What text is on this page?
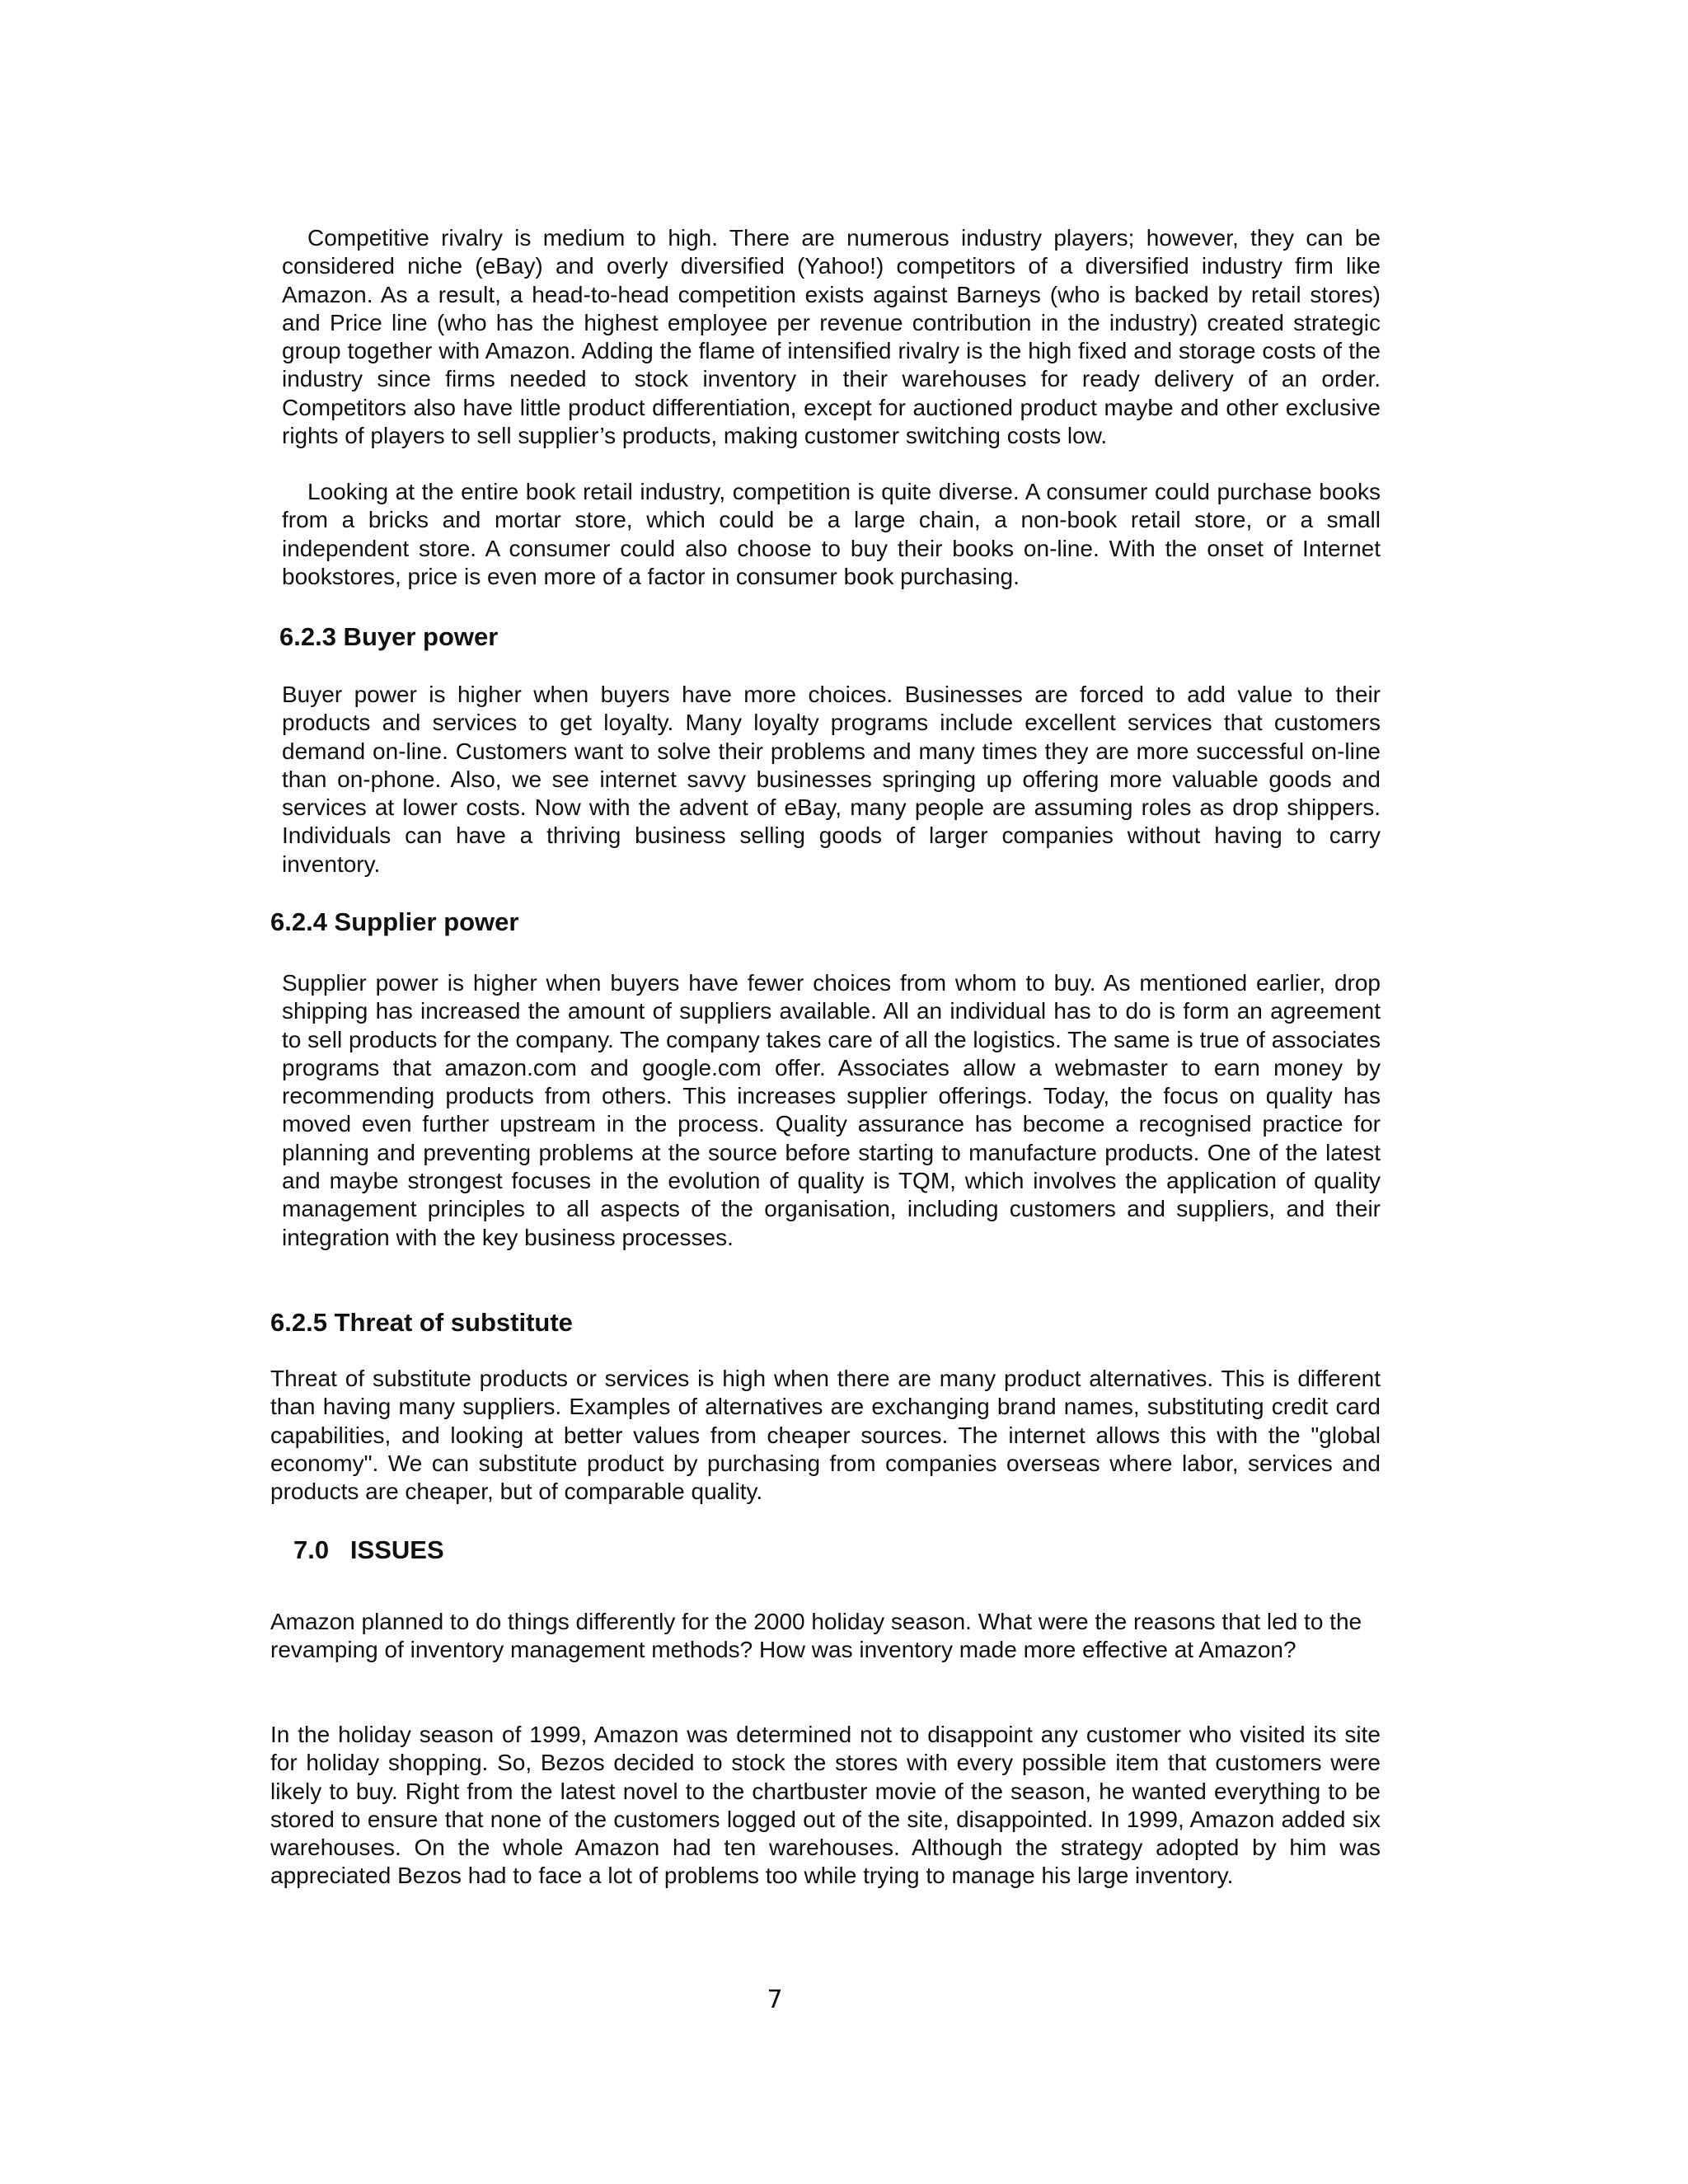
Competitive rivalry is medium to high. There are numerous industry players; however, they can be considered niche (eBay) and overly diversified (Yahoo!) competitors of a diversified industry firm like Amazon. As a result, a head-to-head competition exists against Barneys (who is backed by retail stores) and Price line (who has the highest employee per revenue contribution in the industry) created strategic group together with Amazon. Adding the flame of intensified rivalry is the high fixed and storage costs of the industry since firms needed to stock inventory in their warehouses for ready delivery of an order. Competitors also have little product differentiation, except for auctioned product maybe and other exclusive rights of players to sell supplier’s products, making customer switching costs low.

Looking at the entire book retail industry, competition is quite diverse. A consumer could purchase books from a bricks and mortar store, which could be a large chain, a non-book retail store, or a small independent store. A consumer could also choose to buy their books on-line. With the onset of Internet bookstores, price is even more of a factor in consumer book purchasing.

6.2.3 Buyer power

Buyer power is higher when buyers have more choices. Businesses are forced to add value to their products and services to get loyalty. Many loyalty programs include excellent services that customers demand on-line. Customers want to solve their problems and many times they are more successful on-line than on-phone. Also, we see internet savvy businesses springing up offering more valuable goods and services at lower costs. Now with the advent of eBay, many people are assuming roles as drop shippers. Individuals can have a thriving business selling goods of larger companies without having to carry inventory.

6.2.4 Supplier power

Supplier power is higher when buyers have fewer choices from whom to buy. As mentioned earlier, drop shipping has increased the amount of suppliers available. All an individual has to do is form an agreement to sell products for the company. The company takes care of all the logistics. The same is true of associates programs that amazon.com and google.com offer. Associates allow a webmaster to earn money by recommending products from others. This increases supplier offerings. Today, the focus on quality has moved even further upstream in the process. Quality assurance has become a recognised practice for planning and preventing problems at the source before starting to manufacture products. One of the latest and maybe strongest focuses in the evolution of quality is TQM, which involves the application of quality management principles to all aspects of the organisation, including customers and suppliers, and their integration with the key business processes.

6.2.5 Threat of substitute

Threat of substitute products or services is high when there are many product alternatives. This is different than having many suppliers. Examples of alternatives are exchanging brand names, substituting credit card capabilities, and looking at better values from cheaper sources. The internet allows this with the "global economy". We can substitute product by purchasing from companies overseas where labor, services and products are cheaper, but of comparable quality.

7.0   ISSUES

Amazon planned to do things differently for the 2000 holiday season. What were the reasons that led to the revamping of inventory management methods? How was inventory made more effective at Amazon?

In the holiday season of 1999, Amazon was determined not to disappoint any customer who visited its site for holiday shopping. So, Bezos decided to stock the stores with every possible item that customers were likely to buy. Right from the latest novel to the chartbuster movie of the season, he wanted everything to be stored to ensure that none of the customers logged out of the site, disappointed. In 1999, Amazon added six warehouses. On the whole Amazon had ten warehouses. Although the strategy adopted by him was appreciated Bezos had to face a lot of problems too while trying to manage his large inventory.

7
